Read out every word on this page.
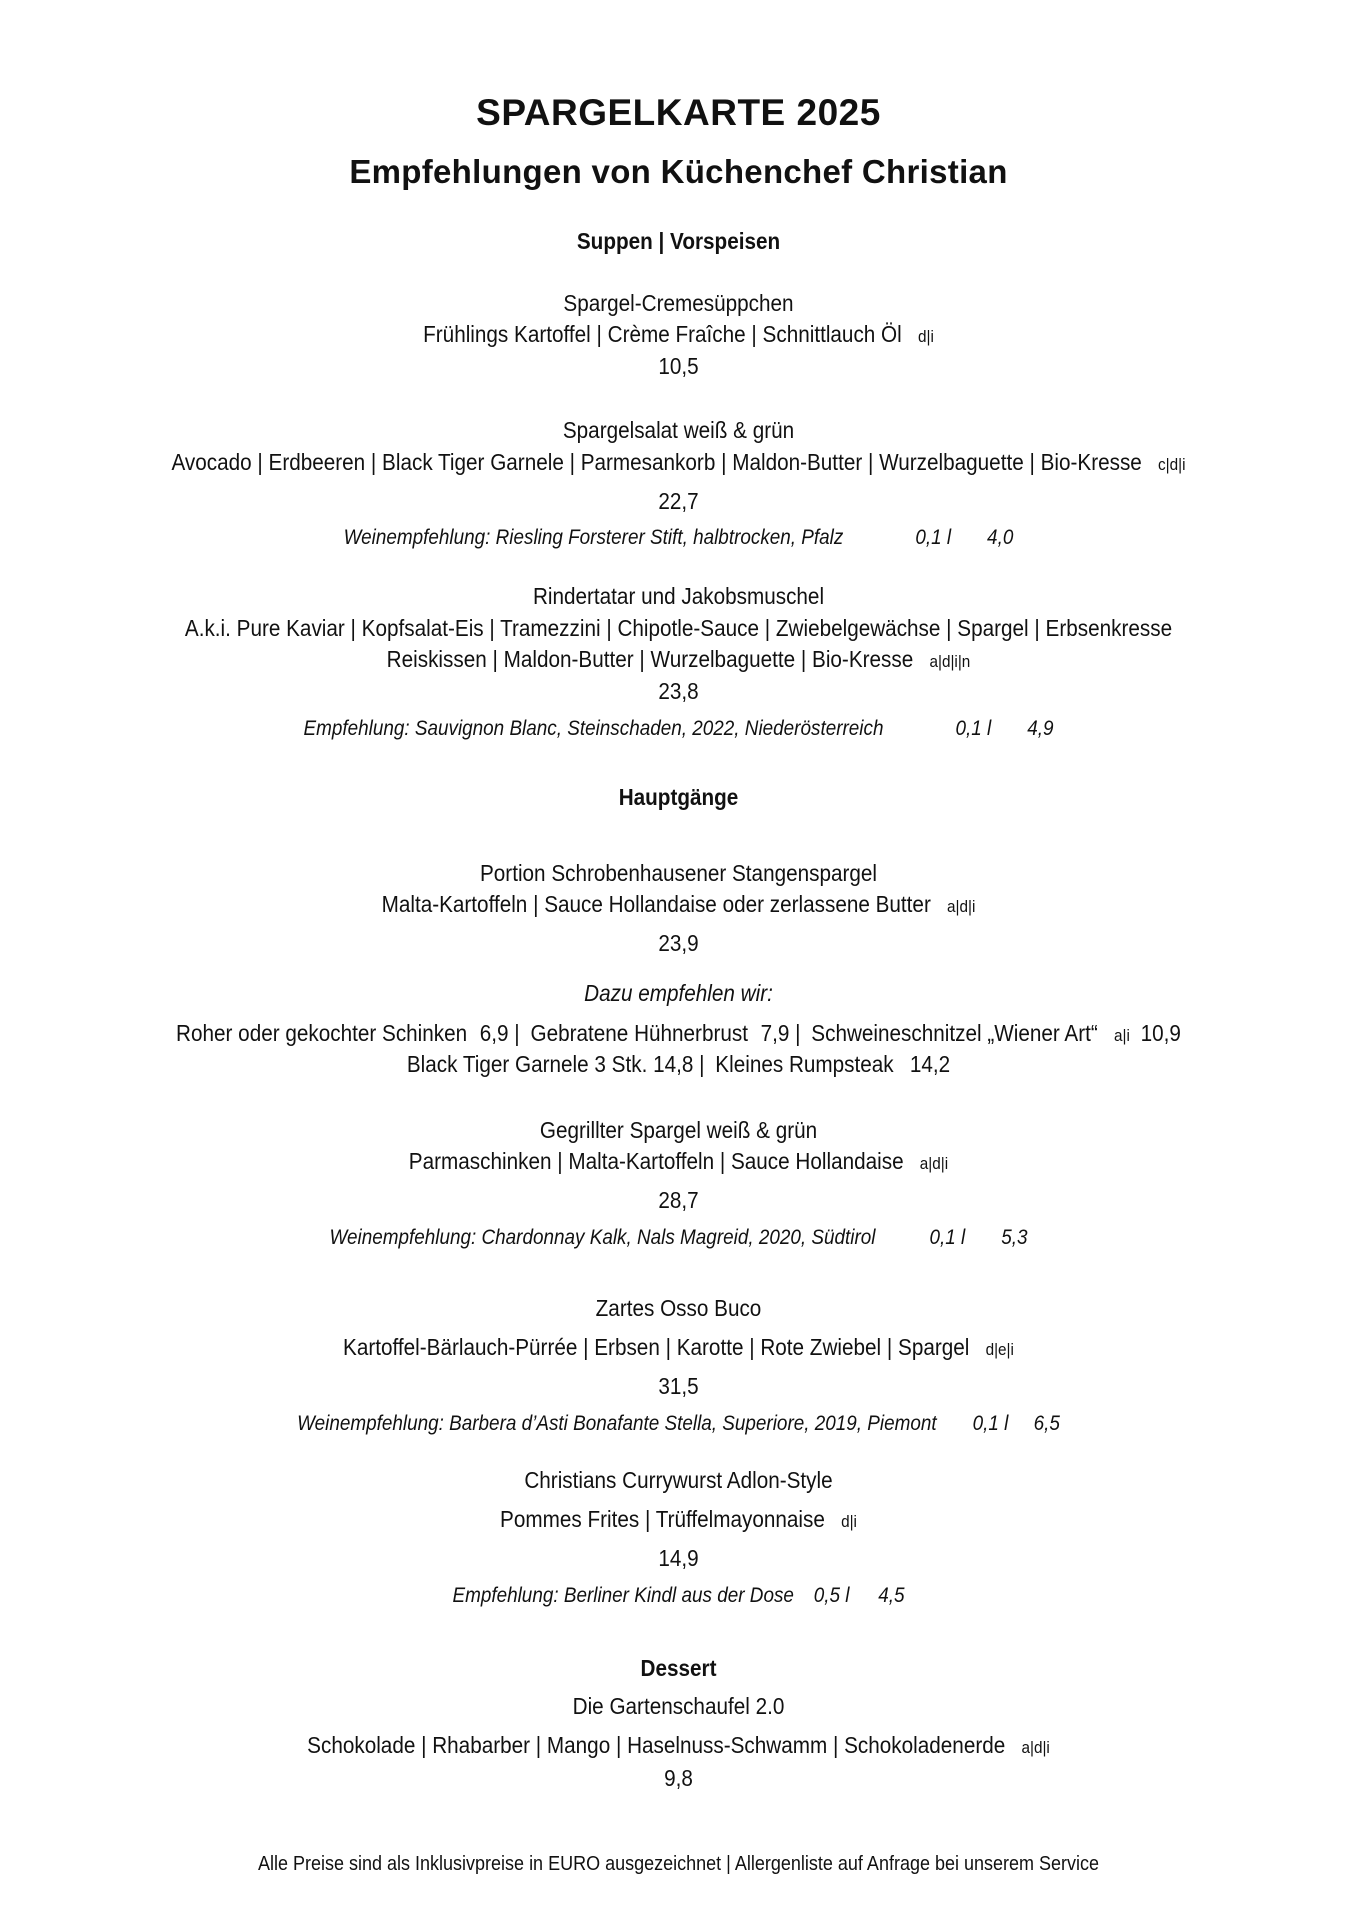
SPARGELKARTE 2025
Empfehlungen von Küchenchef Christian
Suppen | Vorspeisen
Spargel-Cremesüppchen
Frühlings Kartoffel | Crème Fraîche | Schnittlauch Öl d|i
10,5
Spargelsalat weiß & grün
Avocado | Erdbeeren | Black Tiger Garnele | Parmesankorb | Maldon-Butter | Wurzelbaguette | Bio-Kresse c|d|i
22,7
Weinempfehlung: Riesling Forsterer Stift, halbtrocken, Pfalz	0,1 l 4,0
Rindertatar und Jakobsmuschel
A.k.i. Pure Kaviar | Kopfsalat-Eis | Tramezzini | Chipotle-Sauce | Zwiebelgewächse | Spargel | Erbsenkresse
Reiskissen | Maldon-Butter | Wurzelbaguette | Bio-Kresse a|d|i|n
23,8
Empfehlung: Sauvignon Blanc, Steinschaden, 2022, Niederösterreich	0,1 l 4,9
Hauptgänge
Portion Schrobenhausener Stangenspargel
Malta-Kartoffeln | Sauce Hollandaise oder zerlassene Butter a|d|i
23,9
Dazu empfehlen wir:
Roher oder gekochter Schinken 6,9 | Gebratene Hühnerbrust 7,9 | Schweineschnitzel „Wiener Art“ a|i 10,9
Black Tiger Garnele 3 Stk. 14,8 | Kleines Rumpsteak 14,2
Gegrillter Spargel weiß & grün
Parmaschinken | Malta-Kartoffeln | Sauce Hollandaise a|d|i
28,7
Weinempfehlung: Chardonnay Kalk, Nals Magreid, 2020, Südtirol	0,1 l 5,3
Zartes Osso Buco
Kartoffel-Bärlauch-Pürrée | Erbsen | Karotte | Rote Zwiebel | Spargel d|e|i
31,5
Weinempfehlung: Barbera d’Asti Bonafante Stella, Superiore, 2019, Piemont 0,1 l 6,5
Christians Currywurst Adlon-Style
Pommes Frites | Trüffelmayonnaise d|i
14,9
Empfehlung: Berliner Kindl aus der Dose 0,5 l 4,5
Dessert
Die Gartenschaufel 2.0
Schokolade | Rhabarber | Mango | Haselnuss-Schwamm | Schokoladenerde a|d|i
9,8
Alle Preise sind als Inklusivpreise in EURO ausgezeichnet | Allergenliste auf Anfrage bei unserem Service
